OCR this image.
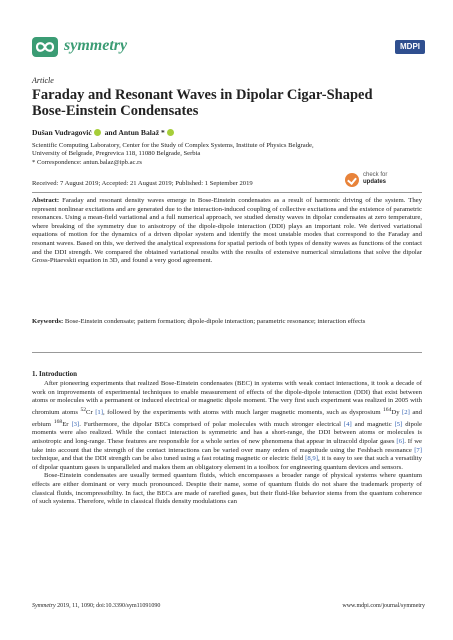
symmetry	MDPI
Article
Faraday and Resonant Waves in Dipolar Cigar-Shaped Bose-Einstein Condensates
Dušan Vudragović and Antun Balaž *
Scientific Computing Laboratory, Center for the Study of Complex Systems, Institute of Physics Belgrade,
University of Belgrade, Pregrevica 118, 11080 Belgrade, Serbia
* Correspondence: antun.balaz@ipb.ac.rs
Received: 7 August 2019; Accepted: 21 August 2019; Published: 1 September 2019
check for
updates
Abstract: Faraday and resonant density waves emerge in Bose-Einstein condensates as a result of harmonic driving of the system. They represent nonlinear excitations and are generated due to the interaction-induced coupling of collective excitations and the existence of parametric resonances. Using a mean-field variational and a full numerical approach, we studied density waves in dipolar condensates at zero temperature, where breaking of the symmetry due to anisotropy of the dipole-dipole interaction (DDI) plays an important role. We derived variational equations of motion for the dynamics of a driven dipolar system and identify the most unstable modes that correspond to the Faraday and resonant waves. Based on this, we derived the analytical expressions for spatial periods of both types of density waves as functions of the contact and the DDI strength. We compared the obtained variational results with the results of extensive numerical simulations that solve the dipolar Gross-Pitaevskii equation in 3D, and found a very good agreement.
Keywords: Bose-Einstein condensate; pattern formation; dipole-dipole interaction; parametric resonance; interaction effects
1. Introduction

After pioneering experiments that realized Bose-Einstein condensates (BEC) in systems with weak contact interactions, it took a decade of work on improvements of experimental techniques to enable measurement of effects of the dipole-dipole interaction (DDI) that exist between atoms or molecules with a permanent or induced electrical or magnetic dipole moment. The very first such experiment was realized in 2005 with chromium atoms $^{52}$Cr [1], followed by the experiments with atoms with much larger magnetic moments, such as dysprosium $^{164}$Dy [2] and erbium $^{168}$Er [3]. Furthermore, the dipolar BECs comprised of polar molecules with much stronger electrical [4] and magnetic [5] dipole moments were also realized. While the contact interaction is symmetric and has a short-range, the DDI between atoms or molecules is anisotropic and long-range. These features are responsible for a whole series of new phenomena that appear in ultracold dipolar gases [6]. If we take into account that the strength of the contact interactions can be varied over many orders of magnitude using the Feshbach resonance [7] technique, and that the DDI strength can be also tuned using a fast rotating magnetic or electric field [8,9], it is easy to see that such a versatility of dipolar quantum gases is unparalleled and makes them an obligatory element in a toolbox for engineering quantum devices and sensors.

Bose-Einstein condensates are usually termed quantum fluids, which encompasses a broader range of physical systems where quantum effects are either dominant or very much pronounced. Despite their name, some of quantum fluids do not share the trademark property of classical fluids, incompressibility. In fact, the BECs are made of rarefied gases, but their fluid-like behavior stems from the quantum coherence of such systems. Therefore, while in classical fluids density modulations can

Symmetry 2019, 11, 1090; doi:10.3390/sym11091090	www.mdpi.com/journal/symmetry
